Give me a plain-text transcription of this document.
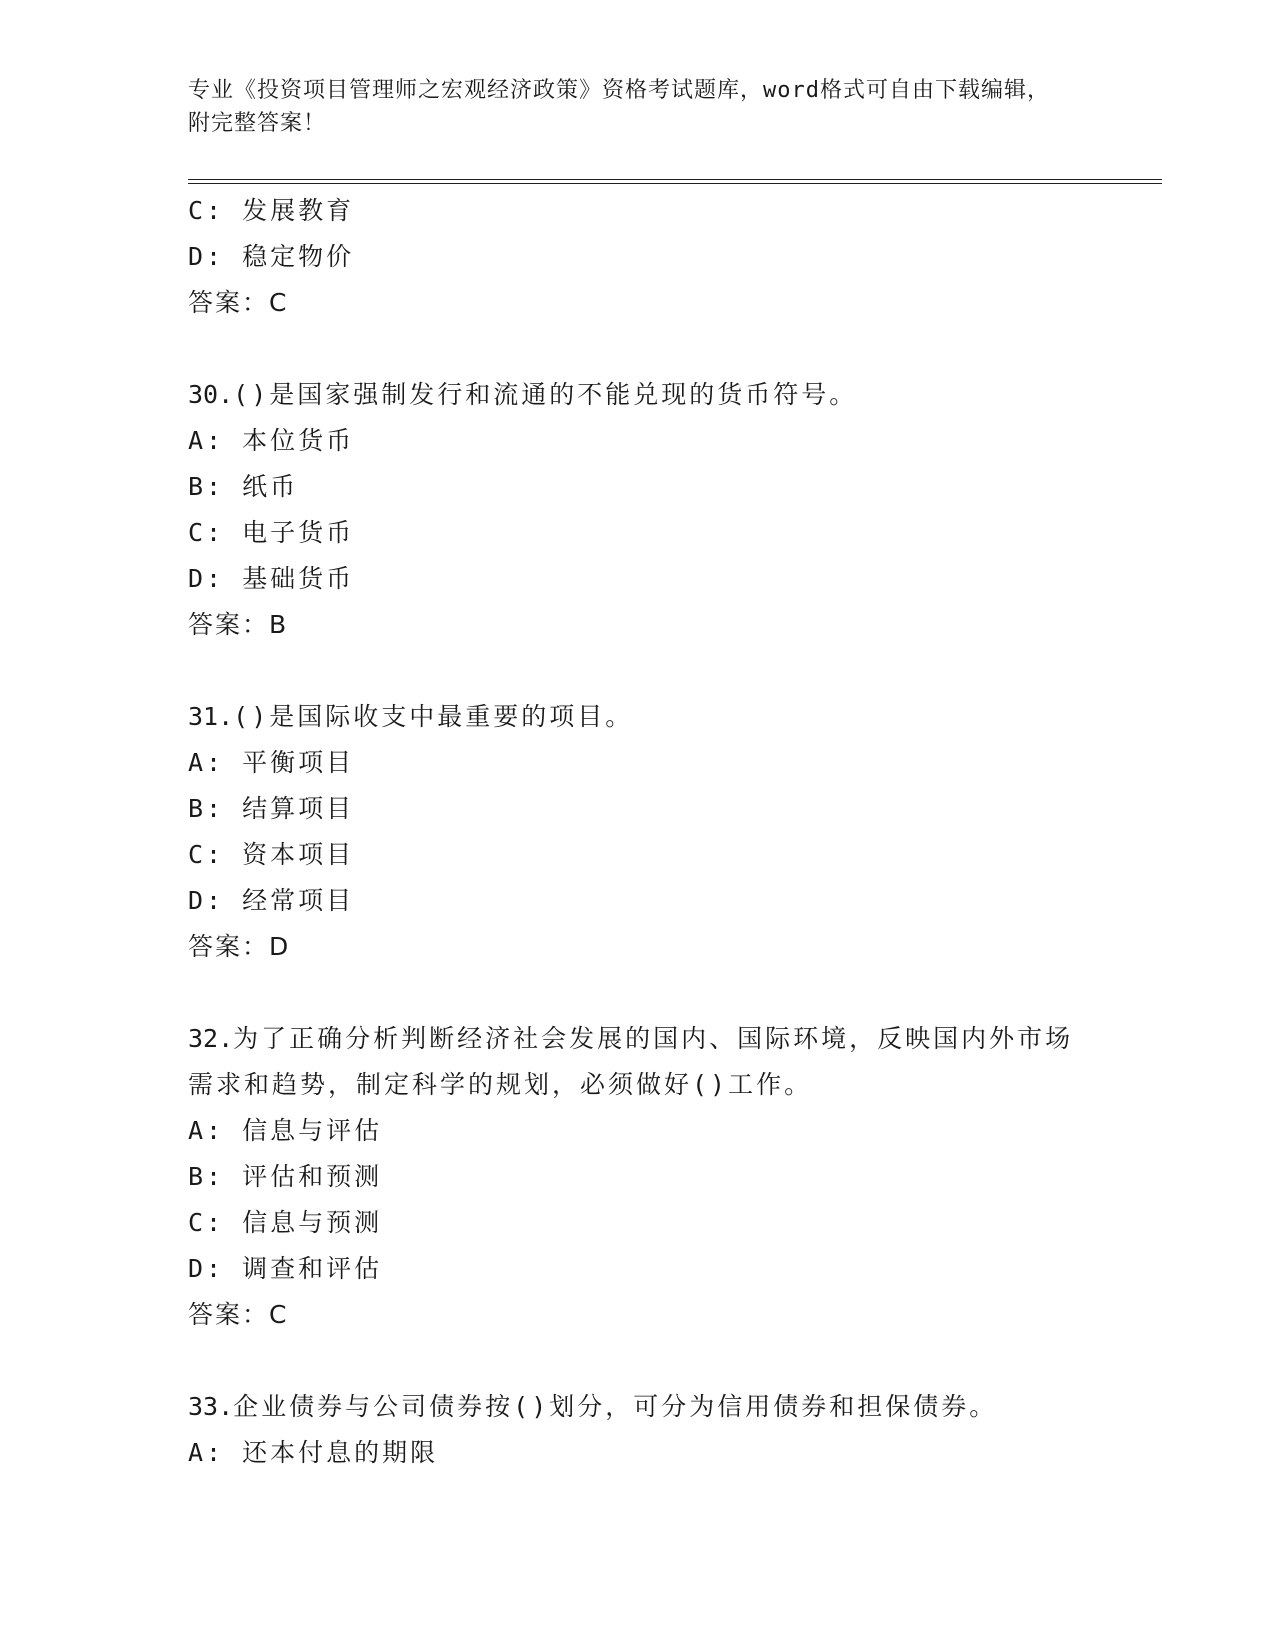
专业《投资项目管理师之宏观经济政策》资格考试题库，word格式可自由下载编辑，附完整答案！
C: 发展教育
D: 稳定物价
答案：C
30.()是国家强制发行和流通的不能兑现的货币符号。
A: 本位货币
B: 纸币
C: 电子货币
D: 基础货币
答案：B
31.()是国际收支中最重要的项目。
A: 平衡项目
B: 结算项目
C: 资本项目
D: 经常项目
答案：D
32.为了正确分析判断经济社会发展的国内、国际环境，反映国内外市场需求和趋势，制定科学的规划，必须做好()工作。
A: 信息与评估
B: 评估和预测
C: 信息与预测
D: 调查和评估
答案：C
33.企业债券与公司债券按()划分，可分为信用债券和担保债券。
A: 还本付息的期限
